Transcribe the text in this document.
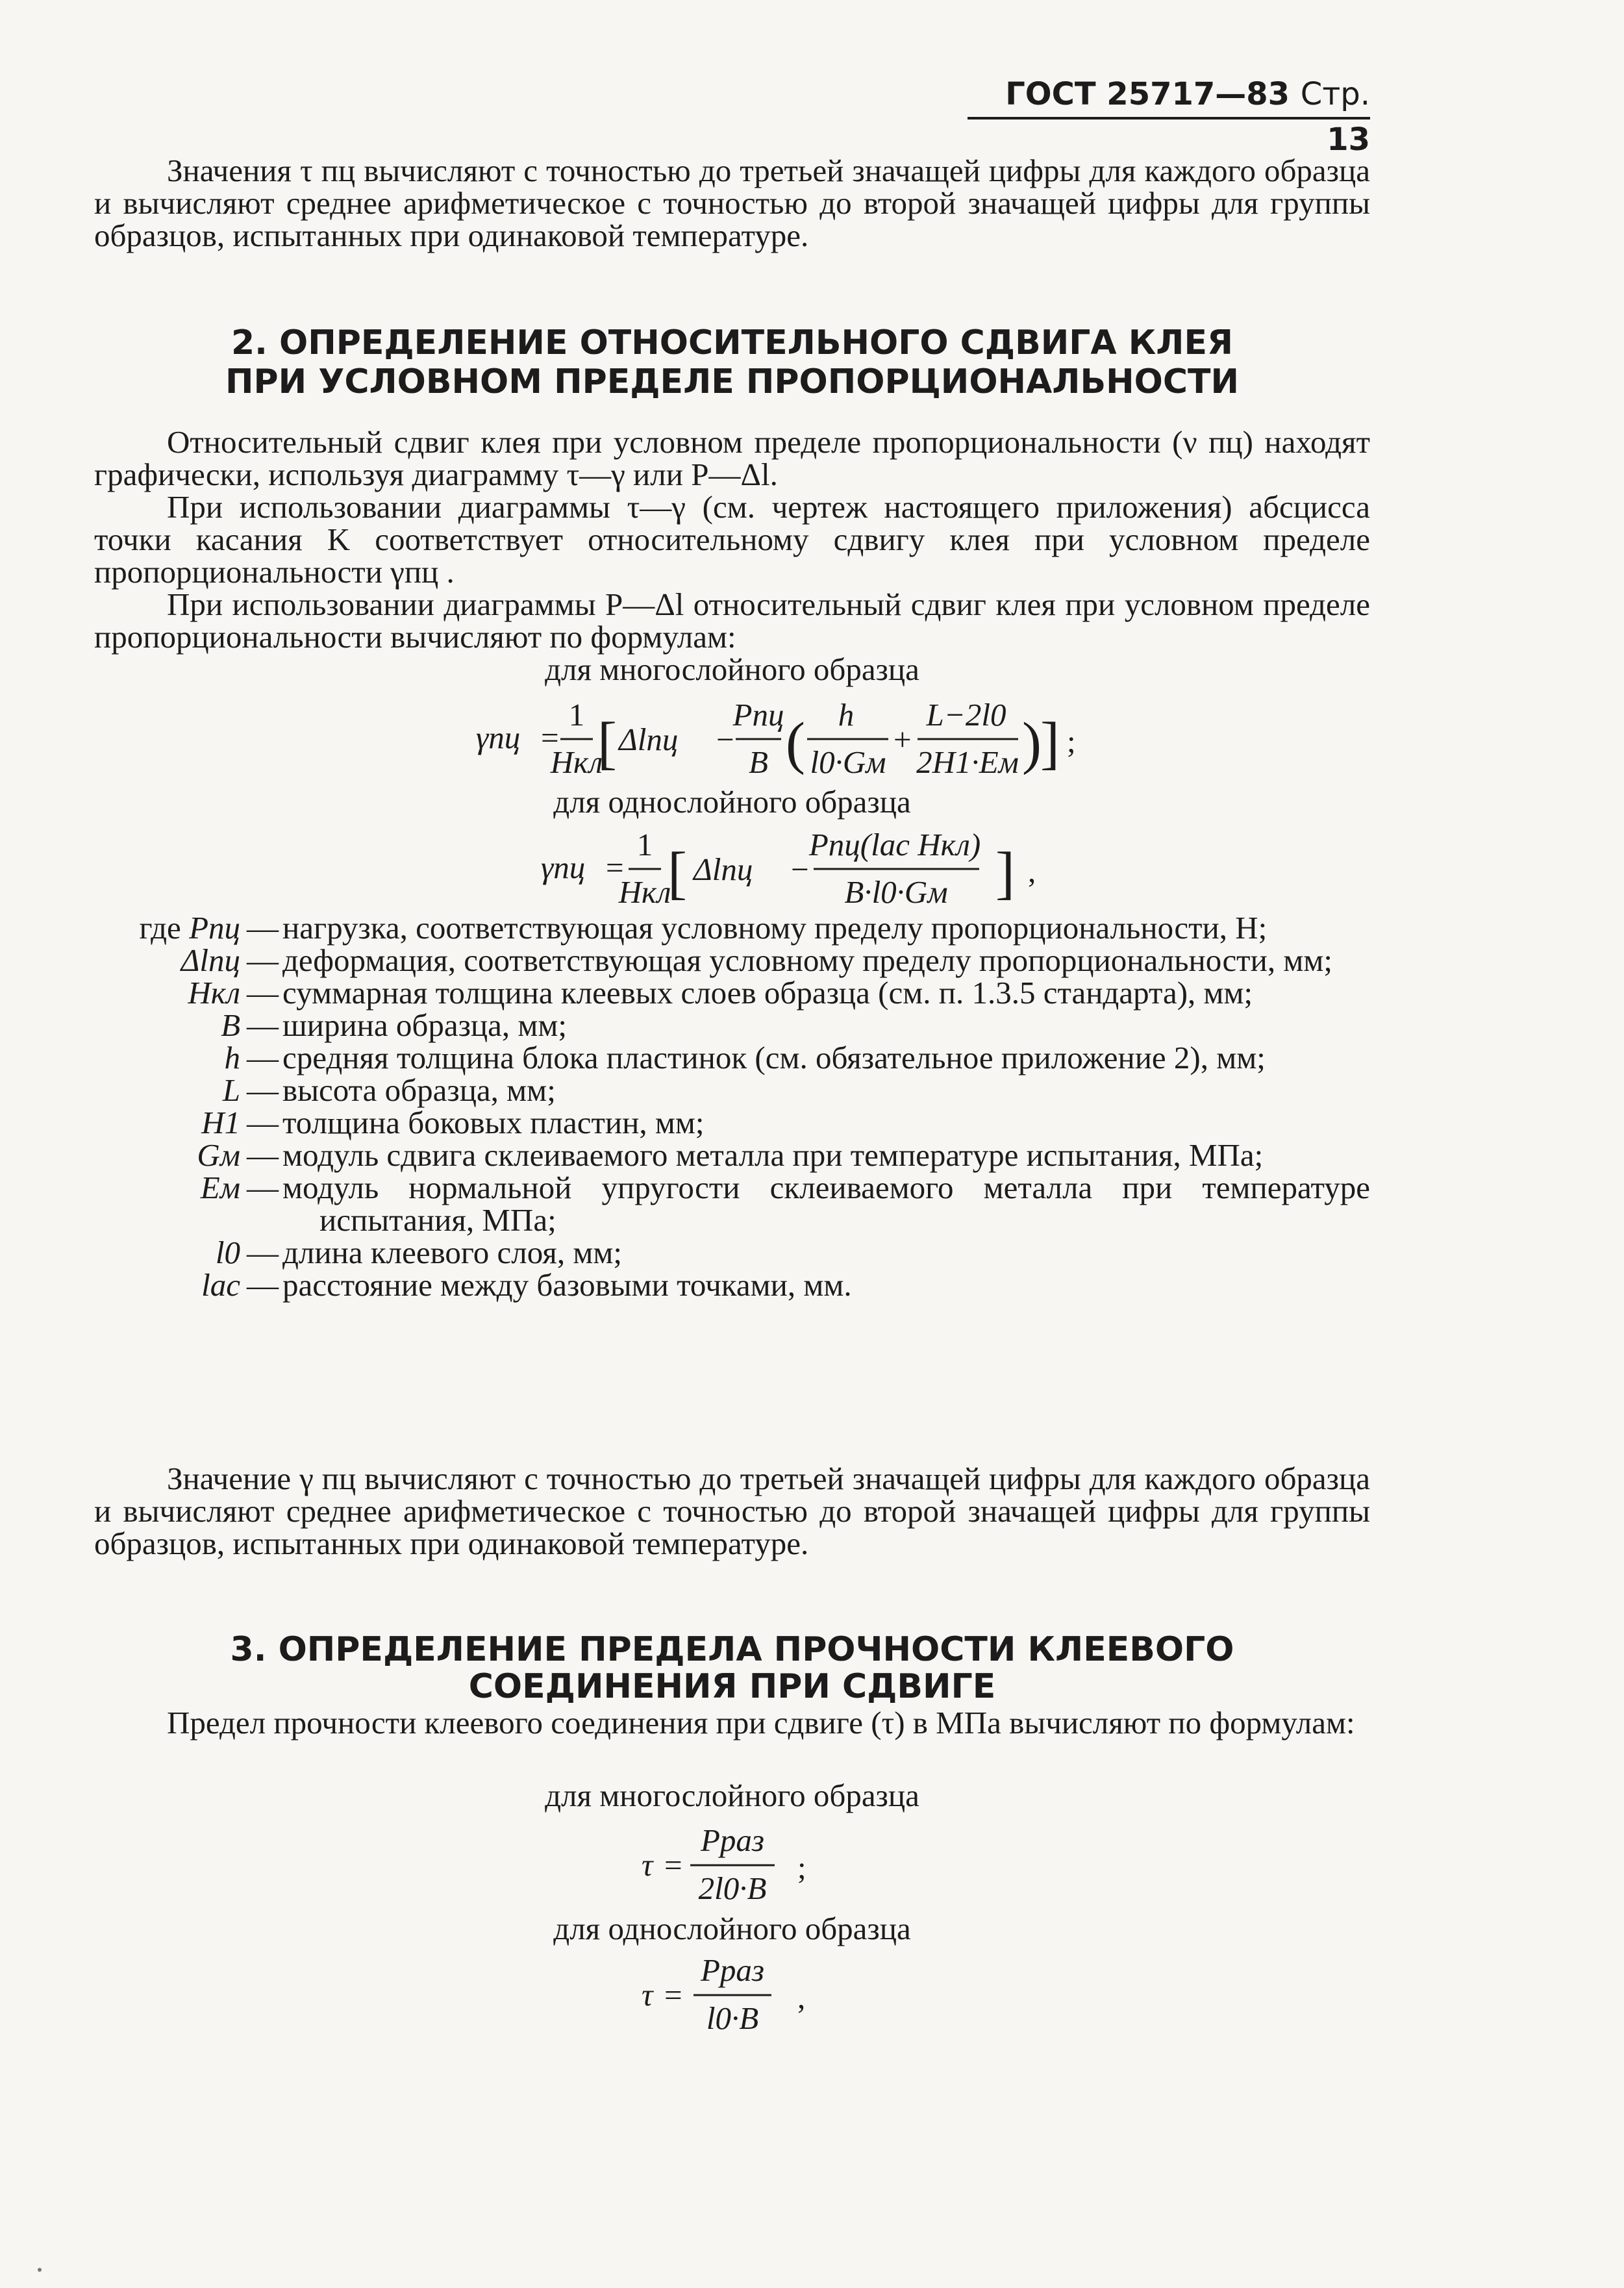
ГОСТ 25717—83 Стр. 13
Значения τ пц вычисляют с точностью до третьей значащей цифры для каждого образца и вычисляют среднее арифметическое с точностью до второй значащей цифры для группы образцов, испытанных при одинаковой температуре.
2. ОПРЕДЕЛЕНИЕ ОТНОСИТЕЛЬНОГО СДВИГА КЛЕЯ
ПРИ УСЛОВНОМ ПРЕДЕЛЕ ПРОПОРЦИОНАЛЬНОСТИ
Относительный сдвиг клея при условном пределе пропорциональности (ν пц) находят графически, используя диаграмму τ—γ или P—Δl.
При использовании диаграммы τ—γ (см. чертеж настоящего приложения) абсцисса точки касания K соответствует относительному сдвигу клея при условном пределе пропорциональности γпц .
При использовании диаграммы P—Δl относительный сдвиг клея при условном пределе пропорциональности вычисляют по формулам:
для многослойного образца
γпц =
1
Hкл
[ Δlпц −
Pпц
B ( h
l0·Gм
+
L−2l0
2H1·Eм )
] ;
для однослойного образца
γпц =
1
Hкл
[ Δlпц −
Pпц(lас Hкл)
B·l0·Gм ] ,
где Pпц — нагрузка, соответствующая условному пределу пропорциональности, Н;
Δlпц — деформация, соответствующая условному пределу пропорциональности, мм;
Hкл — суммарная толщина клеевых слоев образца (см. п. 1.3.5 стандарта), мм;
B — ширина образца, мм;
h — средняя толщина блока пластинок (см. обязательное приложение 2), мм;
L — высота образца, мм;
H1 — толщина боковых пластин, мм;
Gм — модуль сдвига склеиваемого металла при температуре испытания, МПа;
Eм — модуль нормальной упругости склеиваемого металла при температуре испытания, МПа;
l0 — длина клеевого слоя, мм;
lас — расстояние между базовыми точками, мм.
Значение γ пц вычисляют с точностью до третьей значащей цифры для каждого образца и вычисляют среднее арифметическое с точностью до второй значащей цифры для группы образцов, испытанных при одинаковой температуре.
3. ОПРЕДЕЛЕНИЕ ПРЕДЕЛА ПРОЧНОСТИ КЛЕЕВОГО СОЕДИНЕНИЯ ПРИ СДВИГЕ
Предел прочности клеевого соединения при сдвиге (τ) в МПа вычисляют по формулам:
для многослойного образца
τ =
Pраз
2l0·B
;
для однослойного образца
τ =
Pраз
l0·B
,
